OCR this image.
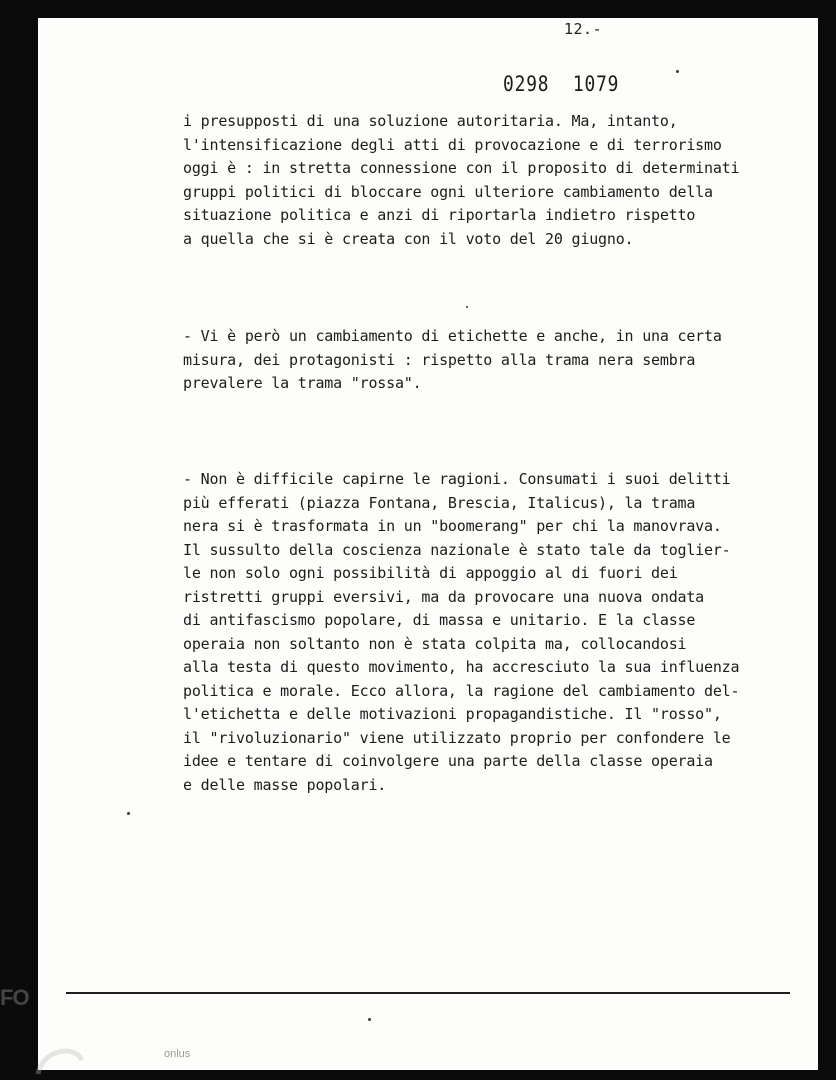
12.-
0298 1079

i presupposti di una soluzione autoritaria. Ma, intanto,
l'intensificazione degli atti di provocazione e di terrorismo
oggi è : in stretta connessione con il proposito di determinati
gruppi politici di bloccare ogni ulteriore cambiamento della
situazione politica e anzi di riportarla indietro rispetto
a quella che si è creata con il voto del 20 giugno.

- Vi è però un cambiamento di etichette e anche, in una certa
misura, dei protagonisti : rispetto alla trama nera sembra
prevalere la trama "rossa".

- Non è difficile capirne le ragioni. Consumati i suoi delitti
più efferati (piazza Fontana, Brescia, Italicus), la trama
nera si è trasformata in un "boomerang" per chi la manovrava.
Il sussulto della coscienza nazionale è stato tale da toglier-
le non solo ogni possibilità di appoggio al di fuori dei
ristretti gruppi eversivi, ma da provocare una nuova ondata
di antifascismo popolare, di massa e unitario. E la classe
operaia non soltanto non è stata colpita ma, collocandosi
alla testa di questo movimento, ha accresciuto la sua influenza
politica e morale. Ecco allora, la ragione del cambiamento del-
l'etichetta e delle motivazioni propagandistiche. Il "rosso",
il "rivoluzionario" viene utilizzato proprio per confondere le
idee e tentare di coinvolgere una parte della classe operaia
e delle masse popolari.

FO
onlus
